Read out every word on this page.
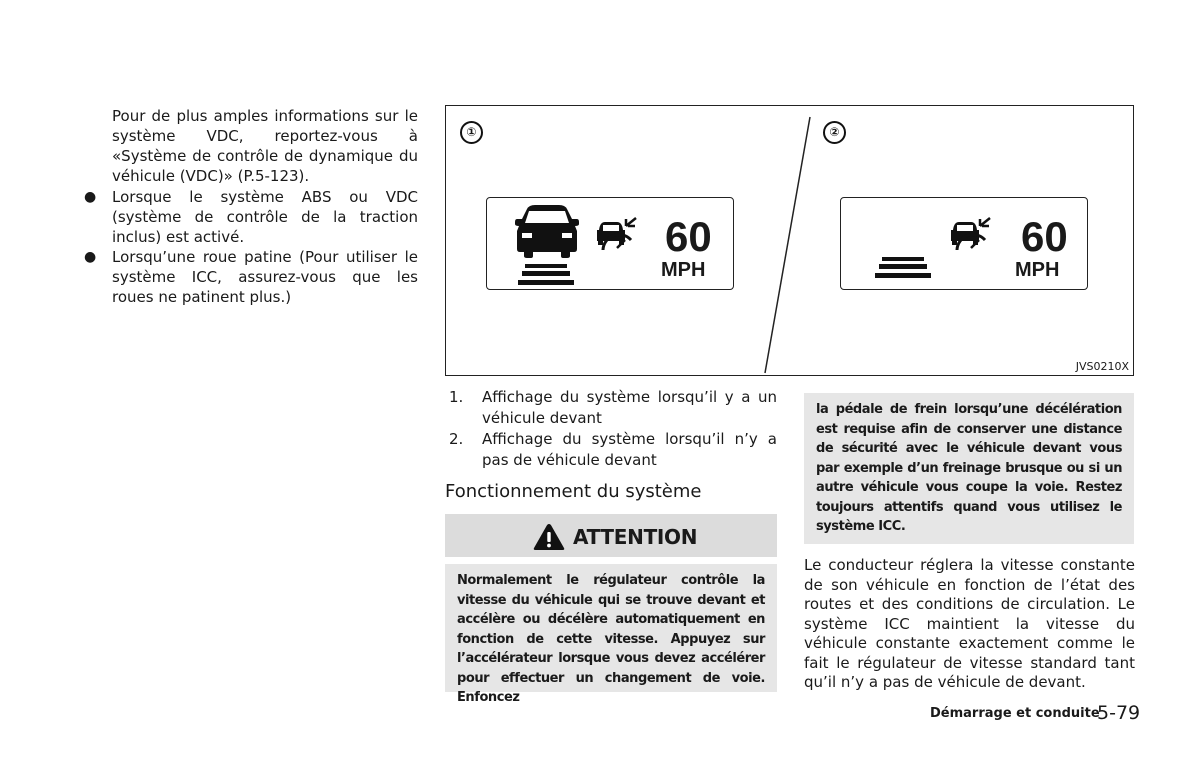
Pour de plus amples informations sur le système VDC, reportez-vous à «Système de contrôle de dynamique du véhicule (VDC)» (P.5-123).
● Lorsque le système ABS ou VDC (système de contrôle de la traction inclus) est activé.
● Lorsqu’une roue patine (Pour utiliser le système ICC, assurez-vous que les roues ne patinent plus.)
①	②
60
MPH
60
MPH
JVS0210X
1. Affichage du système lorsqu’il y a un véhicule devant
2. Affichage du système lorsqu’il n’y a pas de véhicule devant
Fonctionnement du système
ATTENTION
Normalement le régulateur contrôle la vitesse du véhicule qui se trouve devant et accélère ou décélère automatiquement en fonction de cette vitesse. Appuyez sur l’accélérateur lorsque vous devez accélérer pour effectuer un changement de voie. Enfoncez
la pédale de frein lorsqu’une décélération est requise afin de conserver une distance de sécurité avec le véhicule devant vous par exemple d’un freinage brusque ou si un autre véhicule vous coupe la voie. Restez toujours attentifs quand vous utilisez le système ICC.
Le conducteur réglera la vitesse constante de son véhicule en fonction de l’état des routes et des conditions de circulation. Le système ICC maintient la vitesse du véhicule constante exactement comme le fait le régulateur de vitesse standard tant qu’il n’y a pas de véhicule de devant.
Démarrage et conduite
5-79
